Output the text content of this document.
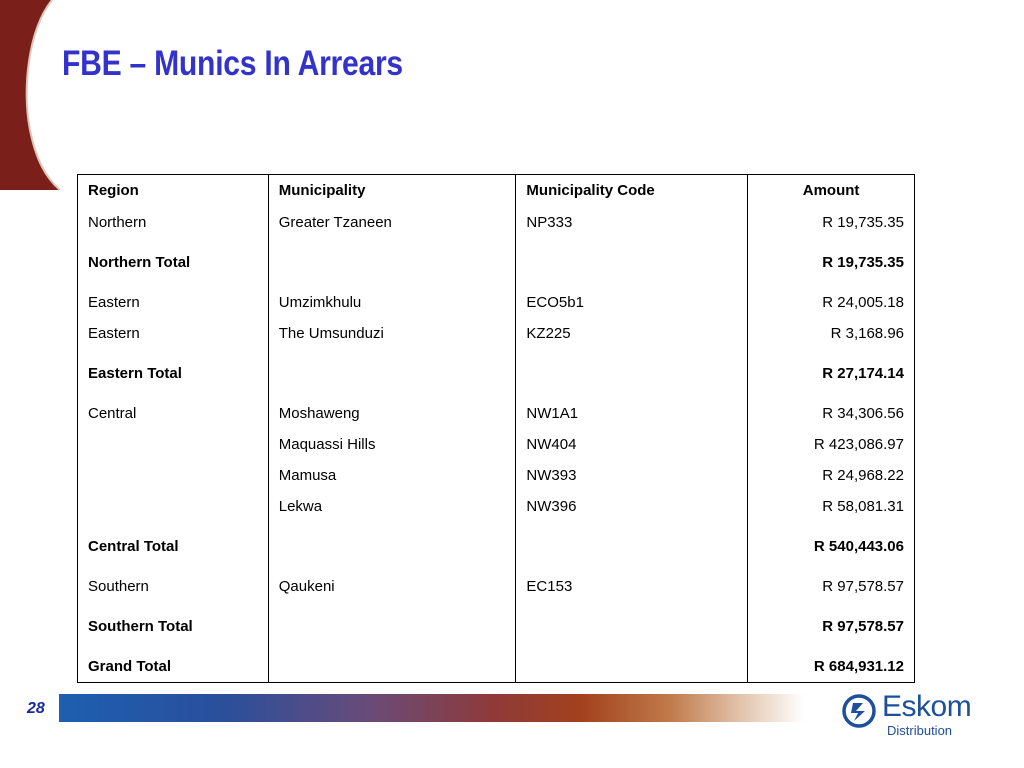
FBE – Munics In Arrears
Region	Municipality	Municipality Code	Amount
Northern	Greater Tzaneen	NP333	R 19,735.35
Northern Total			R 19,735.35
Eastern	Umzimkhulu	ECO5b1	R 24,005.18
Eastern	The Umsunduzi	KZ225	R 3,168.96
Eastern Total			R 27,174.14
Central	Moshaweng	NW1A1	R 34,306.56
	Maquassi Hills	NW404	R 423,086.97
	Mamusa	NW393	R 24,968.22
	Lekwa	NW396	R 58,081.31
Central Total			R 540,443.06
Southern	Qaukeni	EC153	R 97,578.57
Southern Total			R 97,578.57
Grand Total			R 684,931.12
28	Eskom
Distribution
